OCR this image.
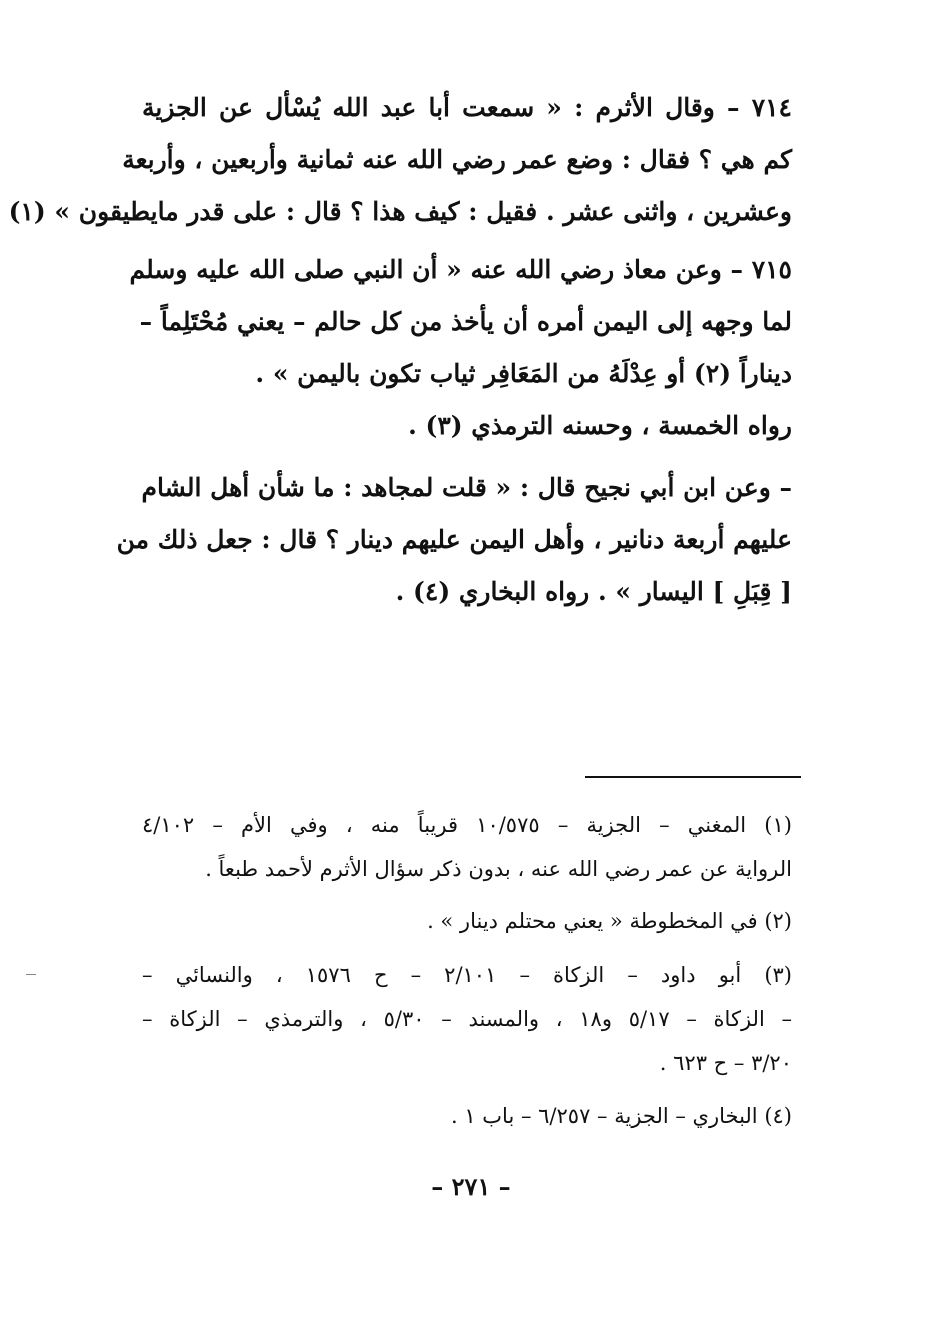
٧١٤ – وقال الأثرم : « سمعت أبا عبد الله يُسْأل عن الجزية
كم هي ؟ فقال : وضع عمر رضي الله عنه ثمانية وأربعين ، وأربعة
وعشرين ، واثنى عشر . فقيل : كيف هذا ؟ قال : على قدر مايطيقون » (١)
٧١٥ – وعن معاذ رضي الله عنه « أن النبي صلى الله عليه وسلم
لما وجهه إلى اليمن أمره أن يأخذ من كل حالم – يعني مُحْتَلِماً –
ديناراً (٢) أو عِدْلَهُ من المَعَافِر ثياب تكون باليمن » .
رواه الخمسة ، وحسنه الترمذي (٣) .
– وعن ابن أبي نجيح قال : « قلت لمجاهد : ما شأن أهل الشام
عليهم أربعة دنانير ، وأهل اليمن عليهم دينار ؟ قال : جعل ذلك من
[ قِبَلِ ] اليسار » . رواه البخاري (٤) .
(١) المغني – الجزية – ١٠/٥٧٥ قريباً منه ، وفي الأم – ٤/١٠٢
الرواية عن عمر رضي الله عنه ، بدون ذكر سؤال الأثرم لأحمد طبعاً .
(٢) في المخطوطة « يعني محتلم دينار » .
(٣) أبو داود – الزكاة – ٢/١٠١ – ح ١٥٧٦ ، والنسائي –
– الزكاة – ٥/١٧ و١٨ ، والمسند – ٥/٣٠ ، والترمذي – الزكاة –
٣/٢٠ – ح ٦٢٣ .
(٤) البخاري – الجزية – ٦/٢٥٧ – باب ١ .
– ٢٧١ –
